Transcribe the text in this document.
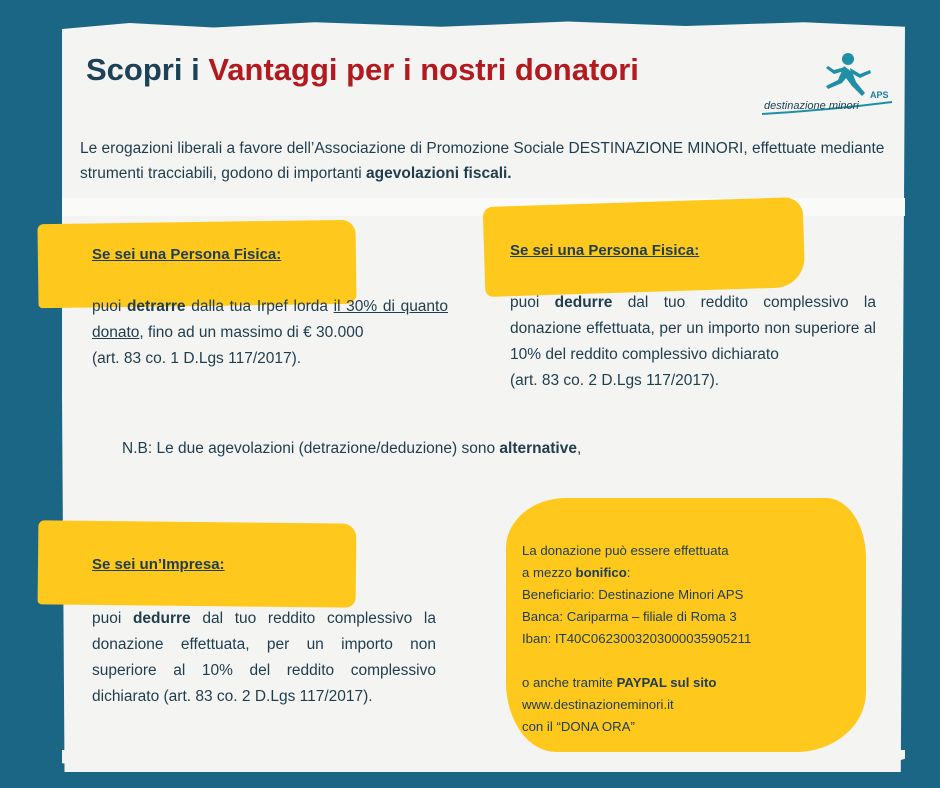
Scopri i Vantaggi per i nostri donatori
destinazione minori
APS

Le erogazioni liberali a favore dell’Associazione di Promozione Sociale DESTINAZIONE MINORI, effettuate mediante strumenti tracciabili, godono di importanti agevolazioni fiscali.

Se sei una Persona Fisica:	Se sei una Persona Fisica:

Se sei un’Impresa:

puoi detrarre dalla tua Irpef lorda il 30% di quanto donato, fino ad un massimo di € 30.000
(art. 83 co. 1 D.Lgs 117/2017).

puoi dedurre dal tuo reddito complessivo la donazione effettuata, per un importo non superiore al 10% del reddito complessivo dichiarato
(art. 83 co. 2 D.Lgs 117/2017).

N.B: Le due agevolazioni (detrazione/deduzione) sono alternative,

puoi dedurre dal tuo reddito complessivo la donazione effettuata, per un importo non superiore al 10% del reddito complessivo dichiarato (art. 83 co. 2 D.Lgs 117/2017).

La donazione può essere effettuata
a mezzo bonifico:
Beneficiario: Destinazione Minori APS
Banca: Cariparma – filiale di Roma 3
Iban: IT40C0623003203000035905211
o anche tramite PAYPAL sul sito
www.destinazioneminori.it
con il “DONA ORA”
